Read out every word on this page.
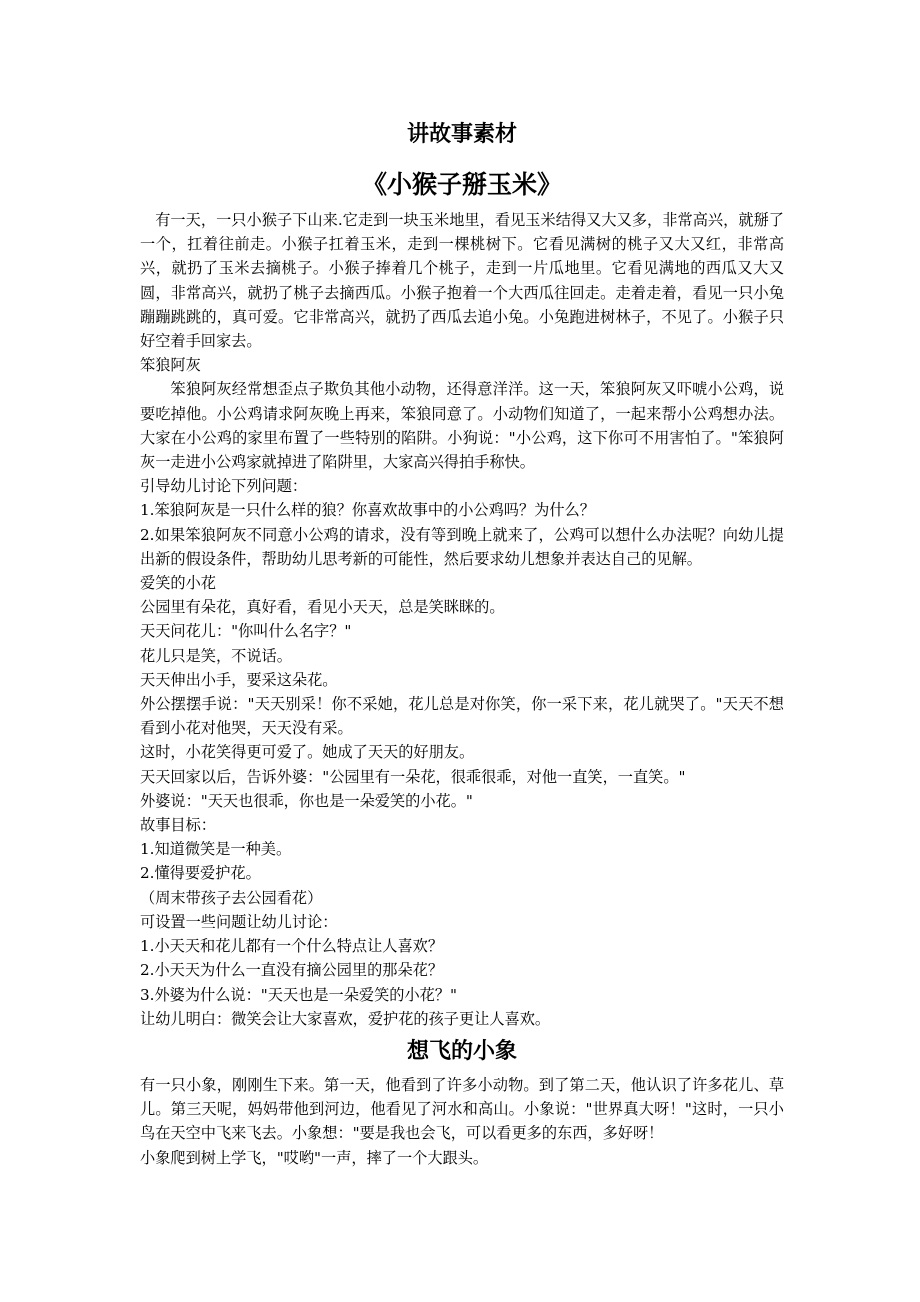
讲故事素材
《小猴子掰玉米》

有一天，一只小猴子下山来.它走到一块玉米地里，看见玉米结得又大又多，非常高兴，就掰了一个，扛着往前走。小猴子扛着玉米，走到一棵桃树下。它看见满树的桃子又大又红，非常高兴，就扔了玉米去摘桃子。小猴子捧着几个桃子，走到一片瓜地里。它看见满地的西瓜又大又圆，非常高兴，就扔了桃子去摘西瓜。小猴子抱着一个大西瓜往回走。走着走着，看见一只小兔蹦蹦跳跳的，真可爱。它非常高兴，就扔了西瓜去追小兔。小兔跑进树林子，不见了。小猴子只好空着手回家去。

笨狼阿灰

笨狼阿灰经常想歪点子欺负其他小动物，还得意洋洋。这一天，笨狼阿灰又吓唬小公鸡，说要吃掉他。小公鸡请求阿灰晚上再来，笨狼同意了。小动物们知道了，一起来帮小公鸡想办法。大家在小公鸡的家里布置了一些特别的陷阱。小狗说："小公鸡，这下你可不用害怕了。"笨狼阿灰一走进小公鸡家就掉进了陷阱里，大家高兴得拍手称快。

引导幼儿讨论下列问题：

1.笨狼阿灰是一只什么样的狼？你喜欢故事中的小公鸡吗？为什么？

2.如果笨狼阿灰不同意小公鸡的请求，没有等到晚上就来了，公鸡可以想什么办法呢？向幼儿提出新的假设条件，帮助幼儿思考新的可能性，然后要求幼儿想象并表达自己的见解。

爱笑的小花

公园里有朵花，真好看，看见小天天，总是笑眯眯的。

天天问花儿："你叫什么名字？"

花儿只是笑，不说话。

天天伸出小手，要采这朵花。

外公摆摆手说："天天别采！你不采她，花儿总是对你笑，你一采下来，花儿就哭了。"天天不想看到小花对他哭，天天没有采。

这时，小花笑得更可爱了。她成了天天的好朋友。

天天回家以后，告诉外婆："公园里有一朵花，很乖很乖，对他一直笑，一直笑。"

外婆说："天天也很乖，你也是一朵爱笑的小花。"

故事目标：

1.知道微笑是一种美。

2.懂得要爱护花。

（周末带孩子去公园看花）

可设置一些问题让幼儿讨论：

1.小天天和花儿都有一个什么特点让人喜欢？

2.小天天为什么一直没有摘公园里的那朵花？

3.外婆为什么说："天天也是一朵爱笑的小花？"

让幼儿明白：微笑会让大家喜欢，爱护花的孩子更让人喜欢。

想飞的小象

有一只小象，刚刚生下来。第一天，他看到了许多小动物。到了第二天，他认识了许多花儿、草儿。第三天呢，妈妈带他到河边，他看见了河水和高山。小象说："世界真大呀！"这时，一只小鸟在天空中飞来飞去。小象想："要是我也会飞，可以看更多的东西，多好呀！

小象爬到树上学飞，"哎哟"一声，摔了一个大跟头。
